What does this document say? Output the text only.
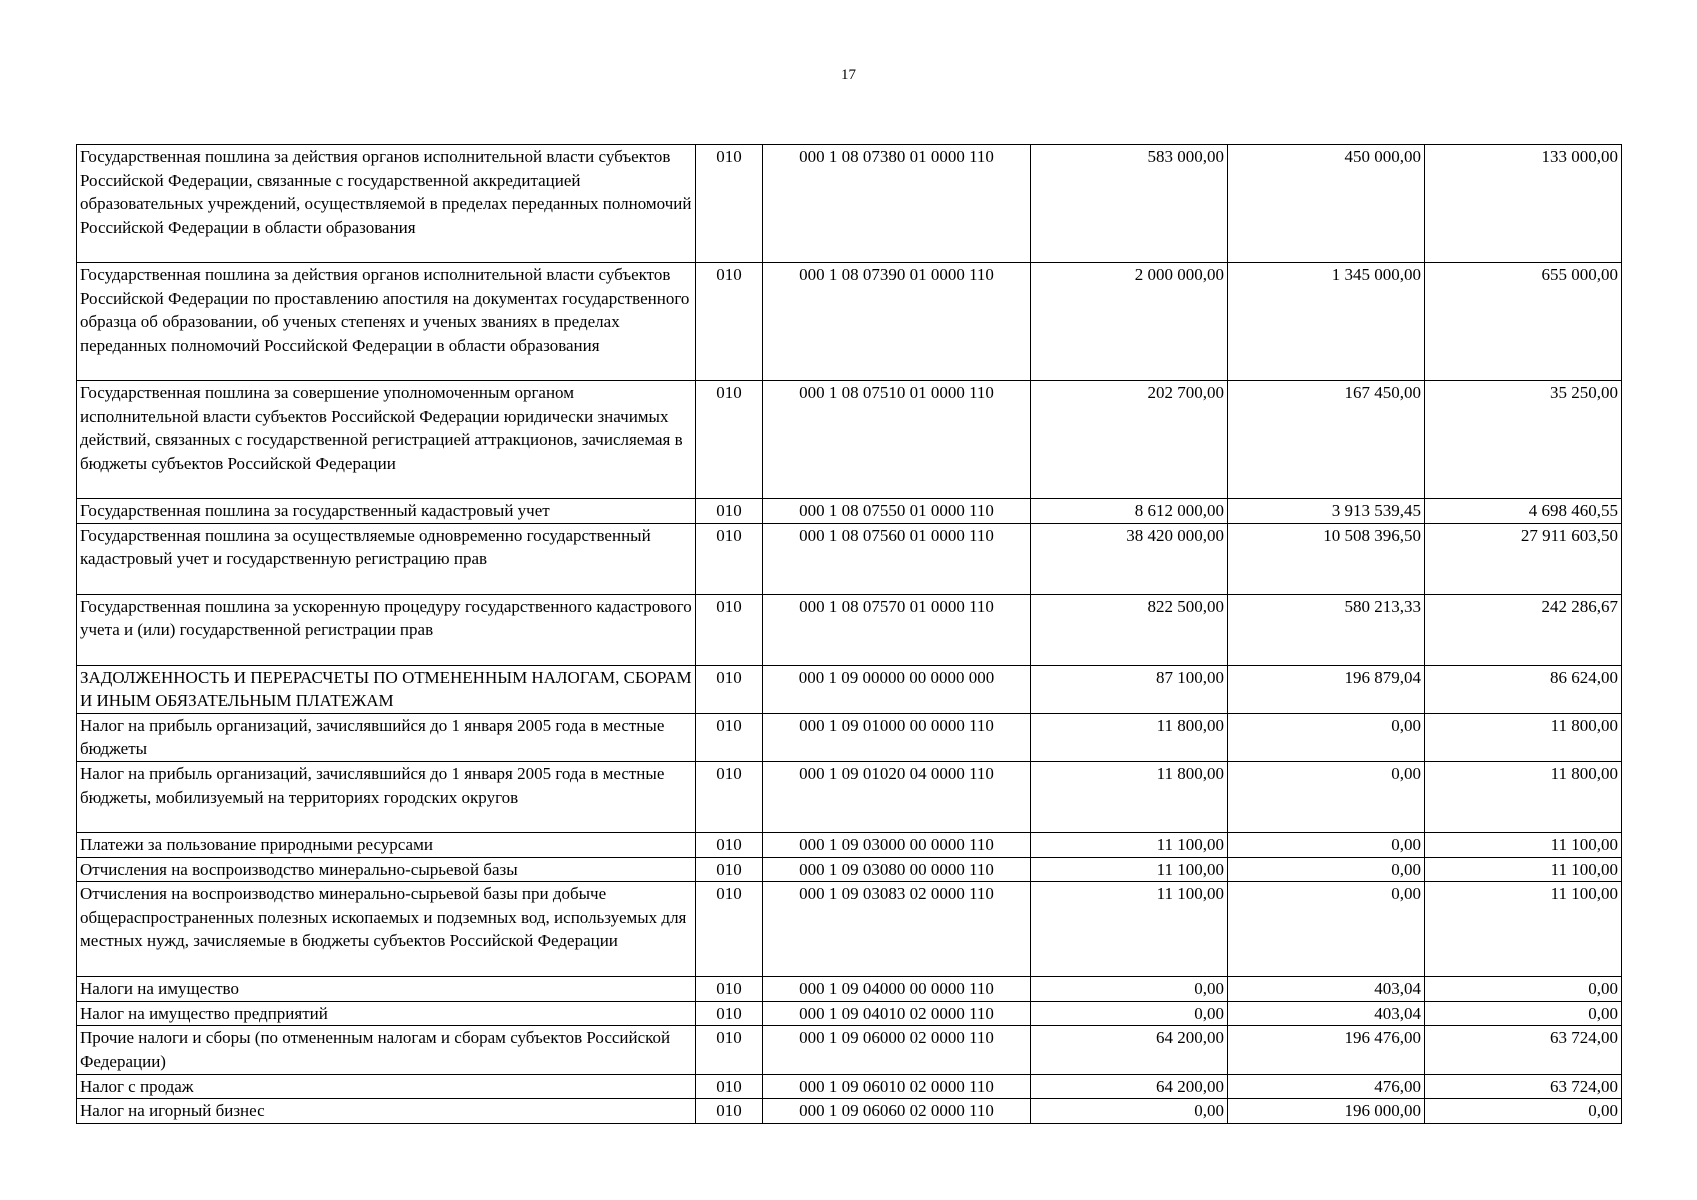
17
Государственная пошлина за действия органов исполнительной власти субъектов Российской Федерации, связанные с государственной аккредитацией образовательных учреждений, осуществляемой в пределах переданных полномочий Российской Федерации в области образования	010	000 1 08 07380 01 0000 110	583 000,00	450 000,00	133 000,00
Государственная пошлина за действия органов исполнительной власти субъектов Российской Федерации по проставлению апостиля на документах государственного образца об образовании, об ученых степенях и ученых званиях в пределах переданных полномочий Российской Федерации в области образования	010	000 1 08 07390 01 0000 110	2 000 000,00	1 345 000,00	655 000,00
Государственная пошлина за совершение уполномоченным органом исполнительной власти субъектов Российской Федерации юридически значимых действий, связанных с государственной регистрацией аттракционов, зачисляемая в бюджеты субъектов Российской Федерации	010	000 1 08 07510 01 0000 110	202 700,00	167 450,00	35 250,00
Государственная пошлина за государственный кадастровый учет	010	000 1 08 07550 01 0000 110	8 612 000,00	3 913 539,45	4 698 460,55
Государственная пошлина за осуществляемые одновременно государственный кадастровый учет и государственную регистрацию прав	010	000 1 08 07560 01 0000 110	38 420 000,00	10 508 396,50	27 911 603,50
Государственная пошлина за ускоренную процедуру государственного кадастрового учета и (или) государственной регистрации прав	010	000 1 08 07570 01 0000 110	822 500,00	580 213,33	242 286,67
ЗАДОЛЖЕННОСТЬ И ПЕРЕРАСЧЕТЫ ПО ОТМЕНЕННЫМ НАЛОГАМ, СБОРАМ И ИНЫМ ОБЯЗАТЕЛЬНЫМ ПЛАТЕЖАМ	010	000 1 09 00000 00 0000 000	87 100,00	196 879,04	86 624,00
Налог на прибыль организаций, зачислявшийся до 1 января 2005 года в местные бюджеты	010	000 1 09 01000 00 0000 110	11 800,00	0,00	11 800,00
Налог на прибыль организаций, зачислявшийся до 1 января 2005 года в местные бюджеты, мобилизуемый на территориях городских округов	010	000 1 09 01020 04 0000 110	11 800,00	0,00	11 800,00
Платежи за пользование природными ресурсами	010	000 1 09 03000 00 0000 110	11 100,00	0,00	11 100,00
Отчисления на воспроизводство минерально-сырьевой базы	010	000 1 09 03080 00 0000 110	11 100,00	0,00	11 100,00
Отчисления на воспроизводство минерально-сырьевой базы при добыче общераспространенных полезных ископаемых и подземных вод, используемых для местных нужд, зачисляемые в бюджеты субъектов Российской Федерации	010	000 1 09 03083 02 0000 110	11 100,00	0,00	11 100,00
Налоги на имущество	010	000 1 09 04000 00 0000 110	0,00	403,04	0,00
Налог на имущество предприятий	010	000 1 09 04010 02 0000 110	0,00	403,04	0,00
Прочие налоги и сборы (по отмененным налогам и сборам субъектов Российской Федерации)	010	000 1 09 06000 02 0000 110	64 200,00	196 476,00	63 724,00
Налог с продаж	010	000 1 09 06010 02 0000 110	64 200,00	476,00	63 724,00
Налог на игорный бизнес	010	000 1 09 06060 02 0000 110	0,00	196 000,00	0,00
